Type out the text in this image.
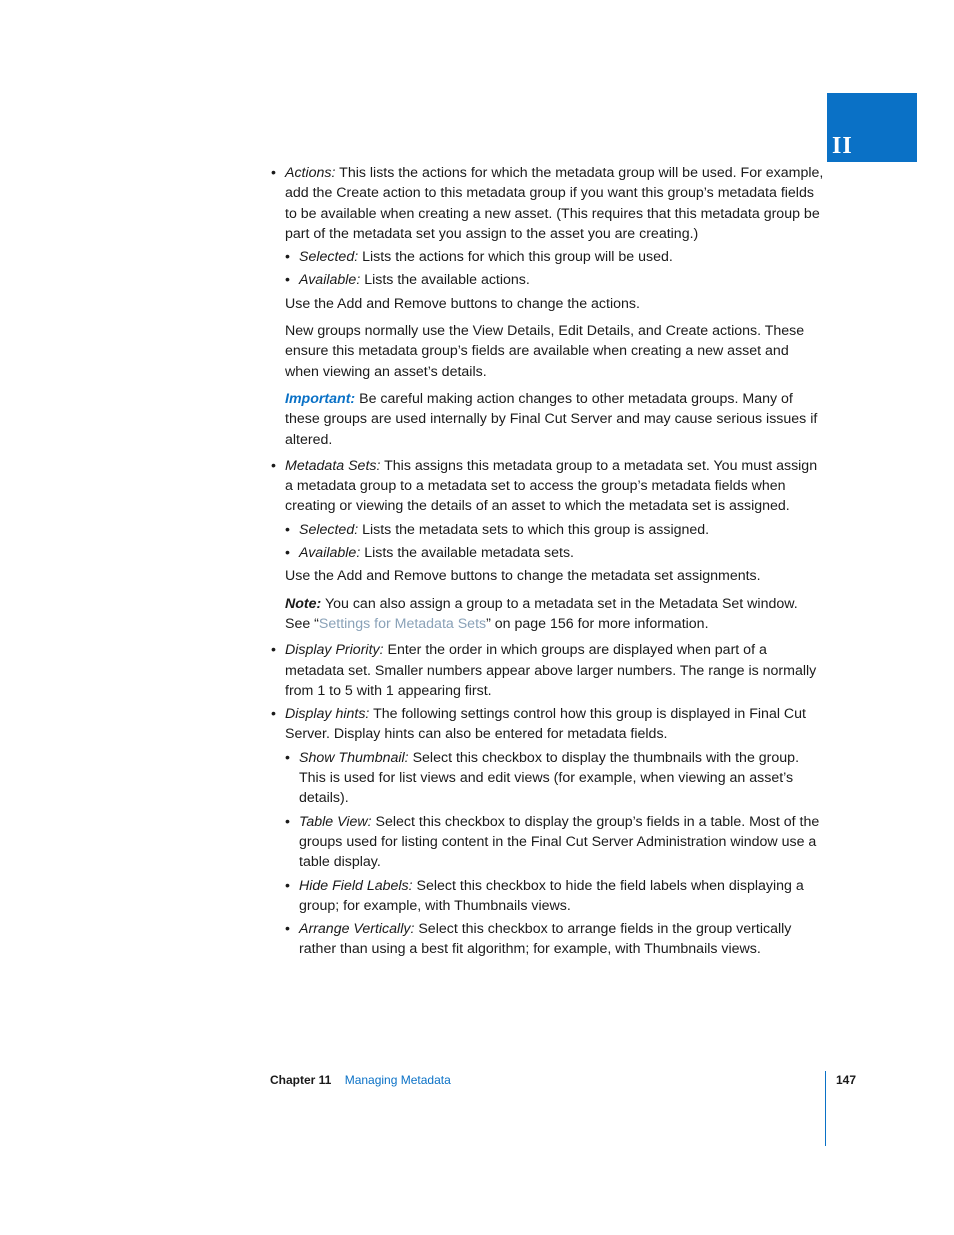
II
• Actions: This lists the actions for which the metadata group will be used. For example, add the Create action to this metadata group if you want this group’s metadata fields to be available when creating a new asset. (This requires that this metadata group be part of the metadata set you assign to the asset you are creating.)
• Selected: Lists the actions for which this group will be used.
• Available: Lists the available actions.
Use the Add and Remove buttons to change the actions.
New groups normally use the View Details, Edit Details, and Create actions. These ensure this metadata group’s fields are available when creating a new asset and when viewing an asset’s details.
Important: Be careful making action changes to other metadata groups. Many of these groups are used internally by Final Cut Server and may cause serious issues if altered.
• Metadata Sets: This assigns this metadata group to a metadata set. You must assign a metadata group to a metadata set to access the group’s metadata fields when creating or viewing the details of an asset to which the metadata set is assigned.
• Selected: Lists the metadata sets to which this group is assigned.
• Available: Lists the available metadata sets.
Use the Add and Remove buttons to change the metadata set assignments.
Note: You can also assign a group to a metadata set in the Metadata Set window.
See “Settings for Metadata Sets” on page 156 for more information.
• Display Priority: Enter the order in which groups are displayed when part of a metadata set. Smaller numbers appear above larger numbers. The range is normally from 1 to 5 with 1 appearing first.
• Display hints: The following settings control how this group is displayed in Final Cut Server. Display hints can also be entered for metadata fields.
• Show Thumbnail: Select this checkbox to display the thumbnails with the group. This is used for list views and edit views (for example, when viewing an asset’s details).
• Table View: Select this checkbox to display the group’s fields in a table. Most of the groups used for listing content in the Final Cut Server Administration window use a table display.
• Hide Field Labels: Select this checkbox to hide the field labels when displaying a group; for example, with Thumbnails views.
• Arrange Vertically: Select this checkbox to arrange fields in the group vertically rather than using a best fit algorithm; for example, with Thumbnails views.
Chapter 11 Managing Metadata	147
